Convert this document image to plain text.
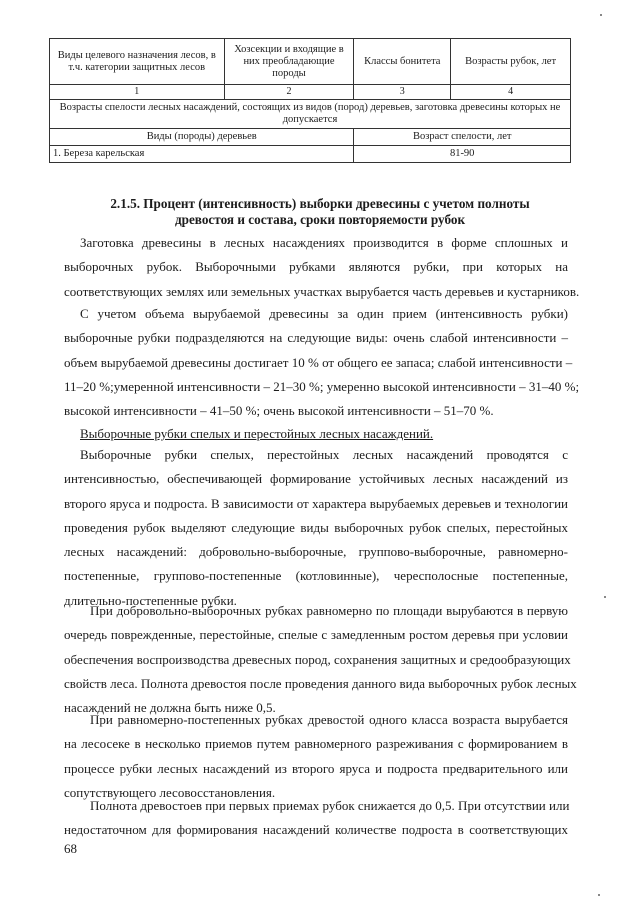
Виды целевого назначения лесов, в т.ч. категории защитных лесов	Хозсекции и входящие в них преобладающие породы	Классы бонитета	Возрасты рубок, лет
1	2	3	4
Возрасты спелости лесных насаждений, состоящих из видов (пород) деревьев, заготовка древесины которых не допускается			
Виды (породы) деревьев		Возраст спелости, лет	
1. Береза карельская		81-90	
2.1.5. Процент (интенсивность) выборки древесины с учетом полноты
древостоя и состава, сроки повторяемости рубок
Заготовка древесины в лесных насаждениях производится в форме сплошных и
выборочных рубок. Выборочными рубками являются рубки, при которых на
соответствующих землях или земельных участках вырубается часть деревьев и кустарников.
С учетом объема вырубаемой древесины за один прием (интенсивность рубки)
выборочные рубки подразделяются на следующие виды: очень слабой интенсивности –
объем вырубаемой древесины достигает 10 % от общего ее запаса; слабой интенсивности –
11–20 %;умеренной интенсивности – 21–30 %; умеренно высокой интенсивности – 31–40 %;
высокой интенсивности – 41–50 %; очень высокой интенсивности – 51–70 %.
Выборочные рубки спелых и перестойных лесных насаждений.
Выборочные рубки спелых, перестойных лесных насаждений проводятся с
интенсивностью, обеспечивающей формирование устойчивых лесных насаждений из
второго яруса и подроста. В зависимости от характера вырубаемых деревьев и технологии
проведения рубок выделяют следующие виды выборочных рубок спелых, перестойных
лесных насаждений: добровольно-выборочные, группово-выборочные, равномерно-
постепенные, группово-постепенные (котловинные), чересполосные постепенные,
длительно-постепенные рубки.
При добровольно-выборочных рубках равномерно по площади вырубаются в первую
очередь поврежденные, перестойные, спелые с замедленным ростом деревья при условии
обеспечения воспроизводства древесных пород, сохранения защитных и средообразующих
свойств леса. Полнота древостоя после проведения данного вида выборочных рубок лесных
насаждений не должна быть ниже 0,5.
При равномерно-постепенных рубках древостой одного класса возраста вырубается
на лесосеке в несколько приемов путем равномерного разреживания с формированием в
процессе рубки лесных насаждений из второго яруса и подроста предварительного или
сопутствующего лесовосстановления.
Полнота древостоев при первых приемах рубок снижается до 0,5. При отсутствии или
недостаточном для формирования насаждений количестве подроста в соответствующих
68
